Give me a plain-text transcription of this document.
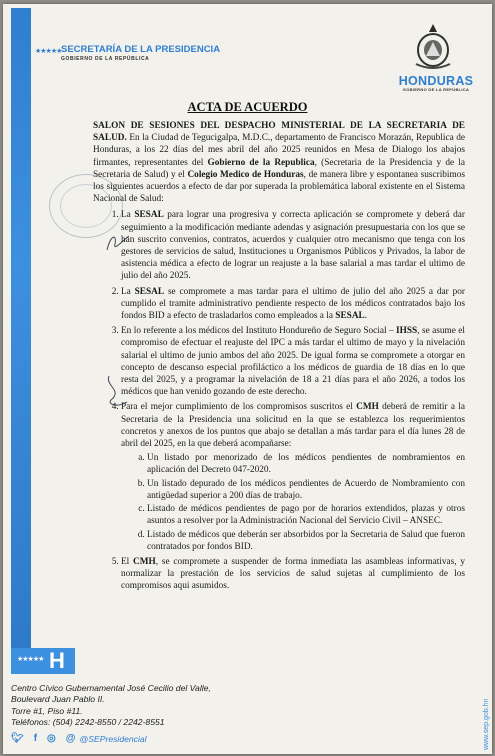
★★★★★ SECRETARÍA DE LA PRESIDENCIA
GOBIERNO DE LA REPÚBLICA
HONDURAS
GOBIERNO DE LA REPÚBLICA
ACTA DE ACUERDO

SALON DE SESIONES DEL DESPACHO MINISTERIAL DE LA SECRETARIA DE SALUD. En la Ciudad de Tegucigalpa, M.D.C., departamento de Francisco Morazán, Republica de Honduras, a los 22 días del mes abril del año 2025 reunidos en Mesa de Dialogo los abajos firmantes, representantes del Gobierno de la Republica, (Secretaria de la Presidencia y de la Secretaria de Salud) y el Colegio Medico de Honduras, de manera libre y espontanea suscribimos los siguientes acuerdos a efecto de dar por superada la problemática laboral existente en el Sistema Nacional de Salud:

1. La SESAL para lograr una progresiva y correcta aplicación se compromete y deberá dar seguimiento a la modificación mediante adendas y asignación presupuestaria con los que se han suscrito convenios, contratos, acuerdos y cualquier otro mecanismo que tenga con los gestores de servicios de salud, Instituciones u Organismos Públicos y Privados, la labor de asistencia médica a efecto de lograr un reajuste a la base salarial a mas tardar el ultimo de julio del año 2025.
2. La SESAL se compromete a mas tardar para el ultimo de julio del año 2025 a dar por cumplido el tramite administrativo pendiente respecto de los médicos contratados bajo los fondos BID a efecto de trasladarlos como empleados a la SESAL.
3. En lo referente a los médicos del Instituto Hondureño de Seguro Social – IHSS, se asume el compromiso de efectuar el reajuste del IPC a más tardar el ultimo de mayo y la nivelación salarial el ultimo de junio ambos del año 2025. De igual forma se compromete a otorgar en concepto de descanso especial profiláctico a los médicos de guardia de 18 días en lo que resta del 2025, y a programar la nivelación de 18 a 21 días para el año 2026, a todos los médicos que han venido gozando de este derecho.
4. Para el mejor cumplimiento de los compromisos suscritos el CMH deberá de remitir a la Secretaria de la Presidencia una solicitud en la que se establezca los requerimientos concretos y anexos de los puntos que abajo se detallan a más tardar para el día lunes 28 de abril del 2025, en la que deberá acompañarse:
a. Un listado por menorizado de los médicos pendientes de nombramientos en aplicación del Decreto 047-2020.
b. Un listado depurado de los médicos pendientes de Acuerdo de Nombramiento con antigüedad superior a 200 días de trabajo.
c. Listado de médicos pendientes de pago por de horarios extendidos, plazas y otros asuntos a resolver por la Administración Nacional del Servicio Civil – ANSEC.
d. Listado de médicos que deberán ser absorbidos por la Secretaria de Salud que fueron contratados por fondos BID.
5. El CMH, se compromete a suspender de forma inmediata las asambleas informativas, y normalizar la prestación de los servicios de salud sujetas al cumplimiento de los compromisos aqui asumidos.
★★★★★ H
Centro Cívico Gubernamental José Cecilio del Valle,
Boulevard Juan Pablo II.
Torre #1, Piso #11.
Teléfonos: (504) 2242-8550 / 2242-8551
🐦︎ f ◎ @ @SEPresidencial	www.sep.gob.hn
